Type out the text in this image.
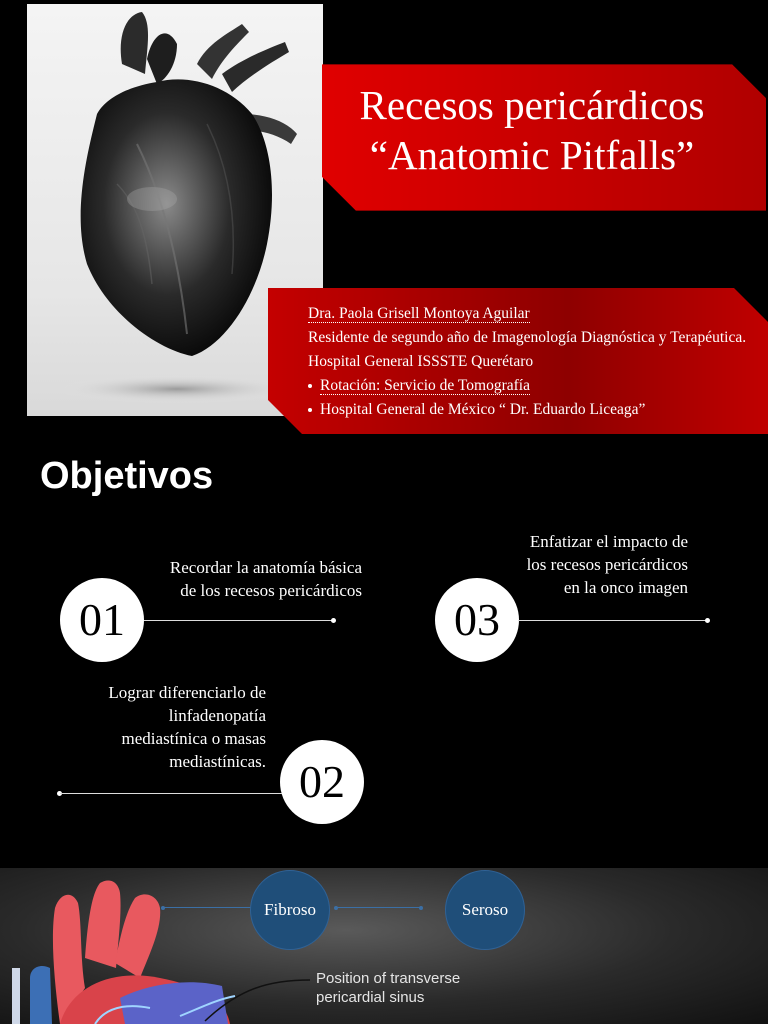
Recesos pericárdicos
“Anatomic Pitfalls”
Dra. Paola Grisell Montoya Aguilar
Residente de segundo año de Imagenología Diagnóstica y Terapéutica.
Hospital General ISSSTE Querétaro
Rotación: Servicio de Tomografía
Hospital General de México “ Dr. Eduardo Liceaga”
Objetivos
Recordar la anatomía básica
de los recesos pericárdicos
01
Enfatizar el impacto de
los recesos pericárdicos
en la onco imagen
03
Lograr diferenciarlo de
linfadenopatía
mediastínica o masas
mediastínicas. 02
Fibroso	Seroso
Position of transverse
pericardial sinus
